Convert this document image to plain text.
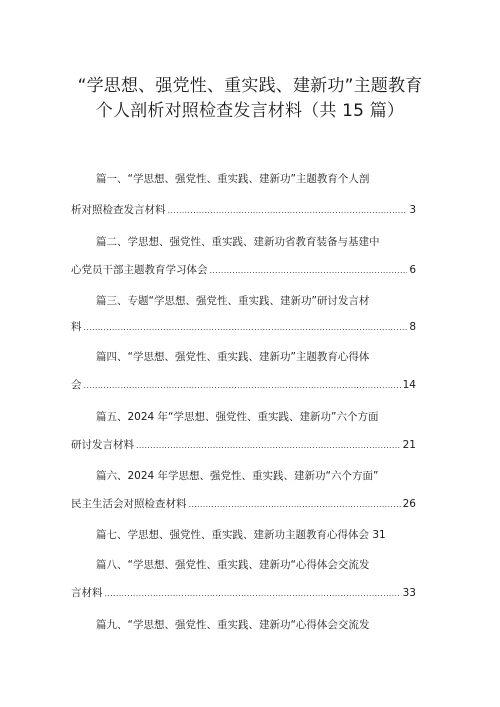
“学思想、强党性、重实践、建新功”主题教育
个人剖析对照检查发言材料（共 15 篇）
篇一、“学思想、强党性、重实践、建新功”主题教育个人剖
析对照检查发言材料 .....	3
篇二、学思想、强党性、重实践、建新功省教育装备与基建中
心党员干部主题教育学习体会 .....	6
篇三、专题“学思想、强党性、重实践、建新功”研讨发言材
料 .....	8
篇四、“学思想、强党性、重实践、建新功”主题教育心得体
会 .....	14
篇五、2024 年“学思想、强党性、重实践、建新功”六个方面
研讨发言材料 .....	21
篇六、2024 年学思想、强党性、重实践、建新功“六个方面”
民主生活会对照检查材料 .....	26
篇七、学思想、强党性、重实践、建新功主题教育心得体会 31
篇八、“学思想、强党性、重实践、建新功“心得体会交流发
言材料 .....	33
篇九、“学思想、强党性、重实践、建新功“心得体会交流发
